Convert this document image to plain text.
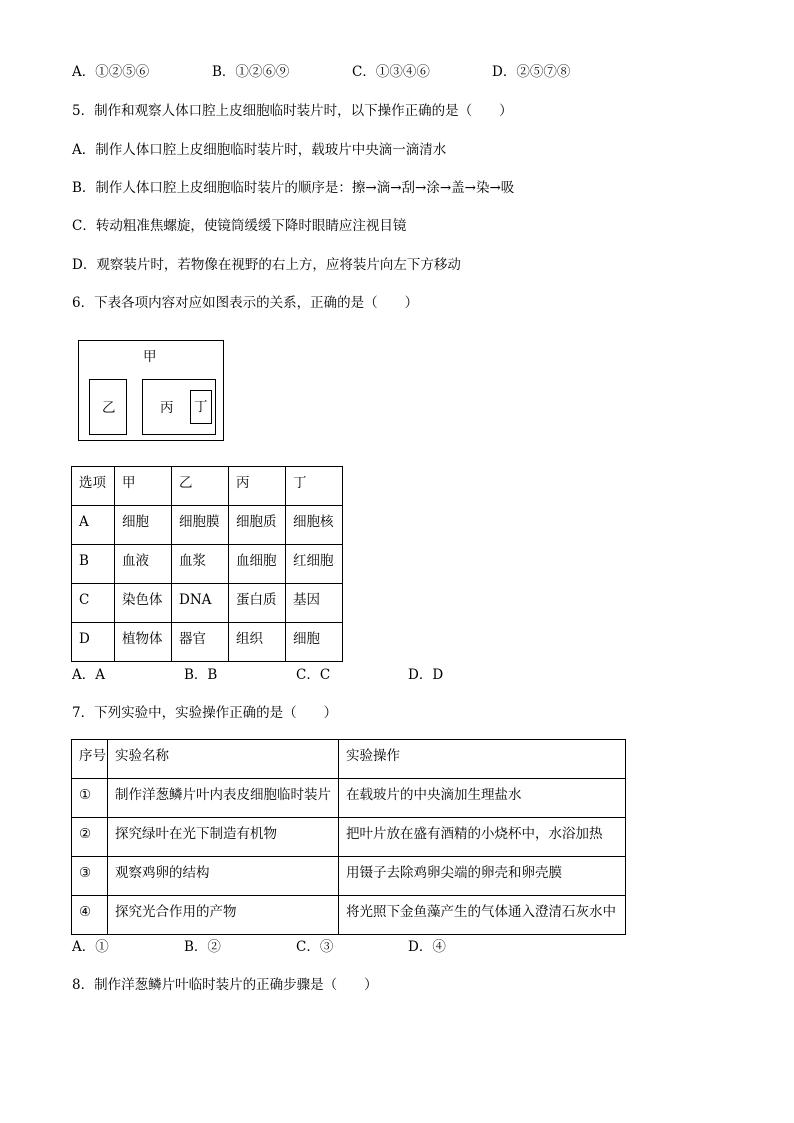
A．①②⑤⑥	B．①②⑥⑨	C．①③④⑥	D．②⑤⑦⑧
5．制作和观察人体口腔上皮细胞临时装片时，以下操作正确的是（　　）
A．制作人体口腔上皮细胞临时装片时，载玻片中央滴一滴清水
B．制作人体口腔上皮细胞临时装片的顺序是：擦→滴→刮→涂→盖→染→吸
C．转动粗准焦螺旋，使镜筒缓缓下降时眼睛应注视目镜
D．观察装片时，若物像在视野的右上方，应将装片向左下方移动
6．下表各项内容对应如图表示的关系，正确的是（　　）
甲
乙	丙 丁
选项	甲	乙	丙	丁
A	细胞	细胞膜	细胞质	细胞核
B	血液	血浆	血细胞	红细胞
C	染色体	DNA	蛋白质	基因
D	植物体	器官	组织	细胞
A．A	B．B	C．C	D．D
7．下列实验中，实验操作正确的是（　　）
序号	实验名称	实验操作
①	制作洋葱鳞片叶内表皮细胞临时装片	在载玻片的中央滴加生理盐水
②	探究绿叶在光下制造有机物	把叶片放在盛有酒精的小烧杯中，水浴加热
③	观察鸡卵的结构	用镊子去除鸡卵尖端的卵壳和卵壳膜
④	探究光合作用的产物	将光照下金鱼藻产生的气体通入澄清石灰水中
A．①	B．②	C．③	D．④
8．制作洋葱鳞片叶临时装片的正确步骤是（　　）
